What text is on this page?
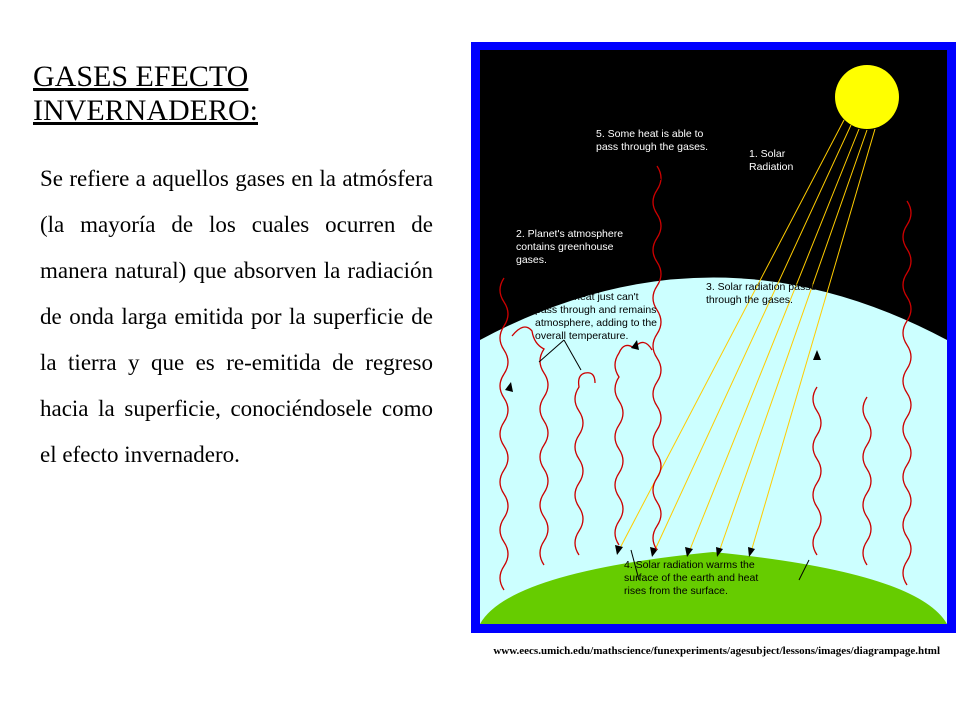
GASES EFECTO
INVERNADERO:
Se refiere a aquellos gases en la atmósfera (la mayoría de los cuales ocurren de manera natural) que absorven la radiación de onda larga emitida por la superficie de la tierra y que es re-emitida de regreso hacia la superficie, conociéndosele como el efecto invernadero.
1. Solar Radiation
5. Some heat is able to pass through the gases.
2. Planet's atmosphere contains greenhouse gases.
3. Solar radiation passes through the gases.
6.Some heat just can't pass through and remains atmosphere, adding to the overall temperature.
4. Solar radiation warms the surface of the earth and heat rises from the surface.
www.eecs.umich.edu/mathscience/funexperiments/agesubject/lessons/images/diagrampage.html
